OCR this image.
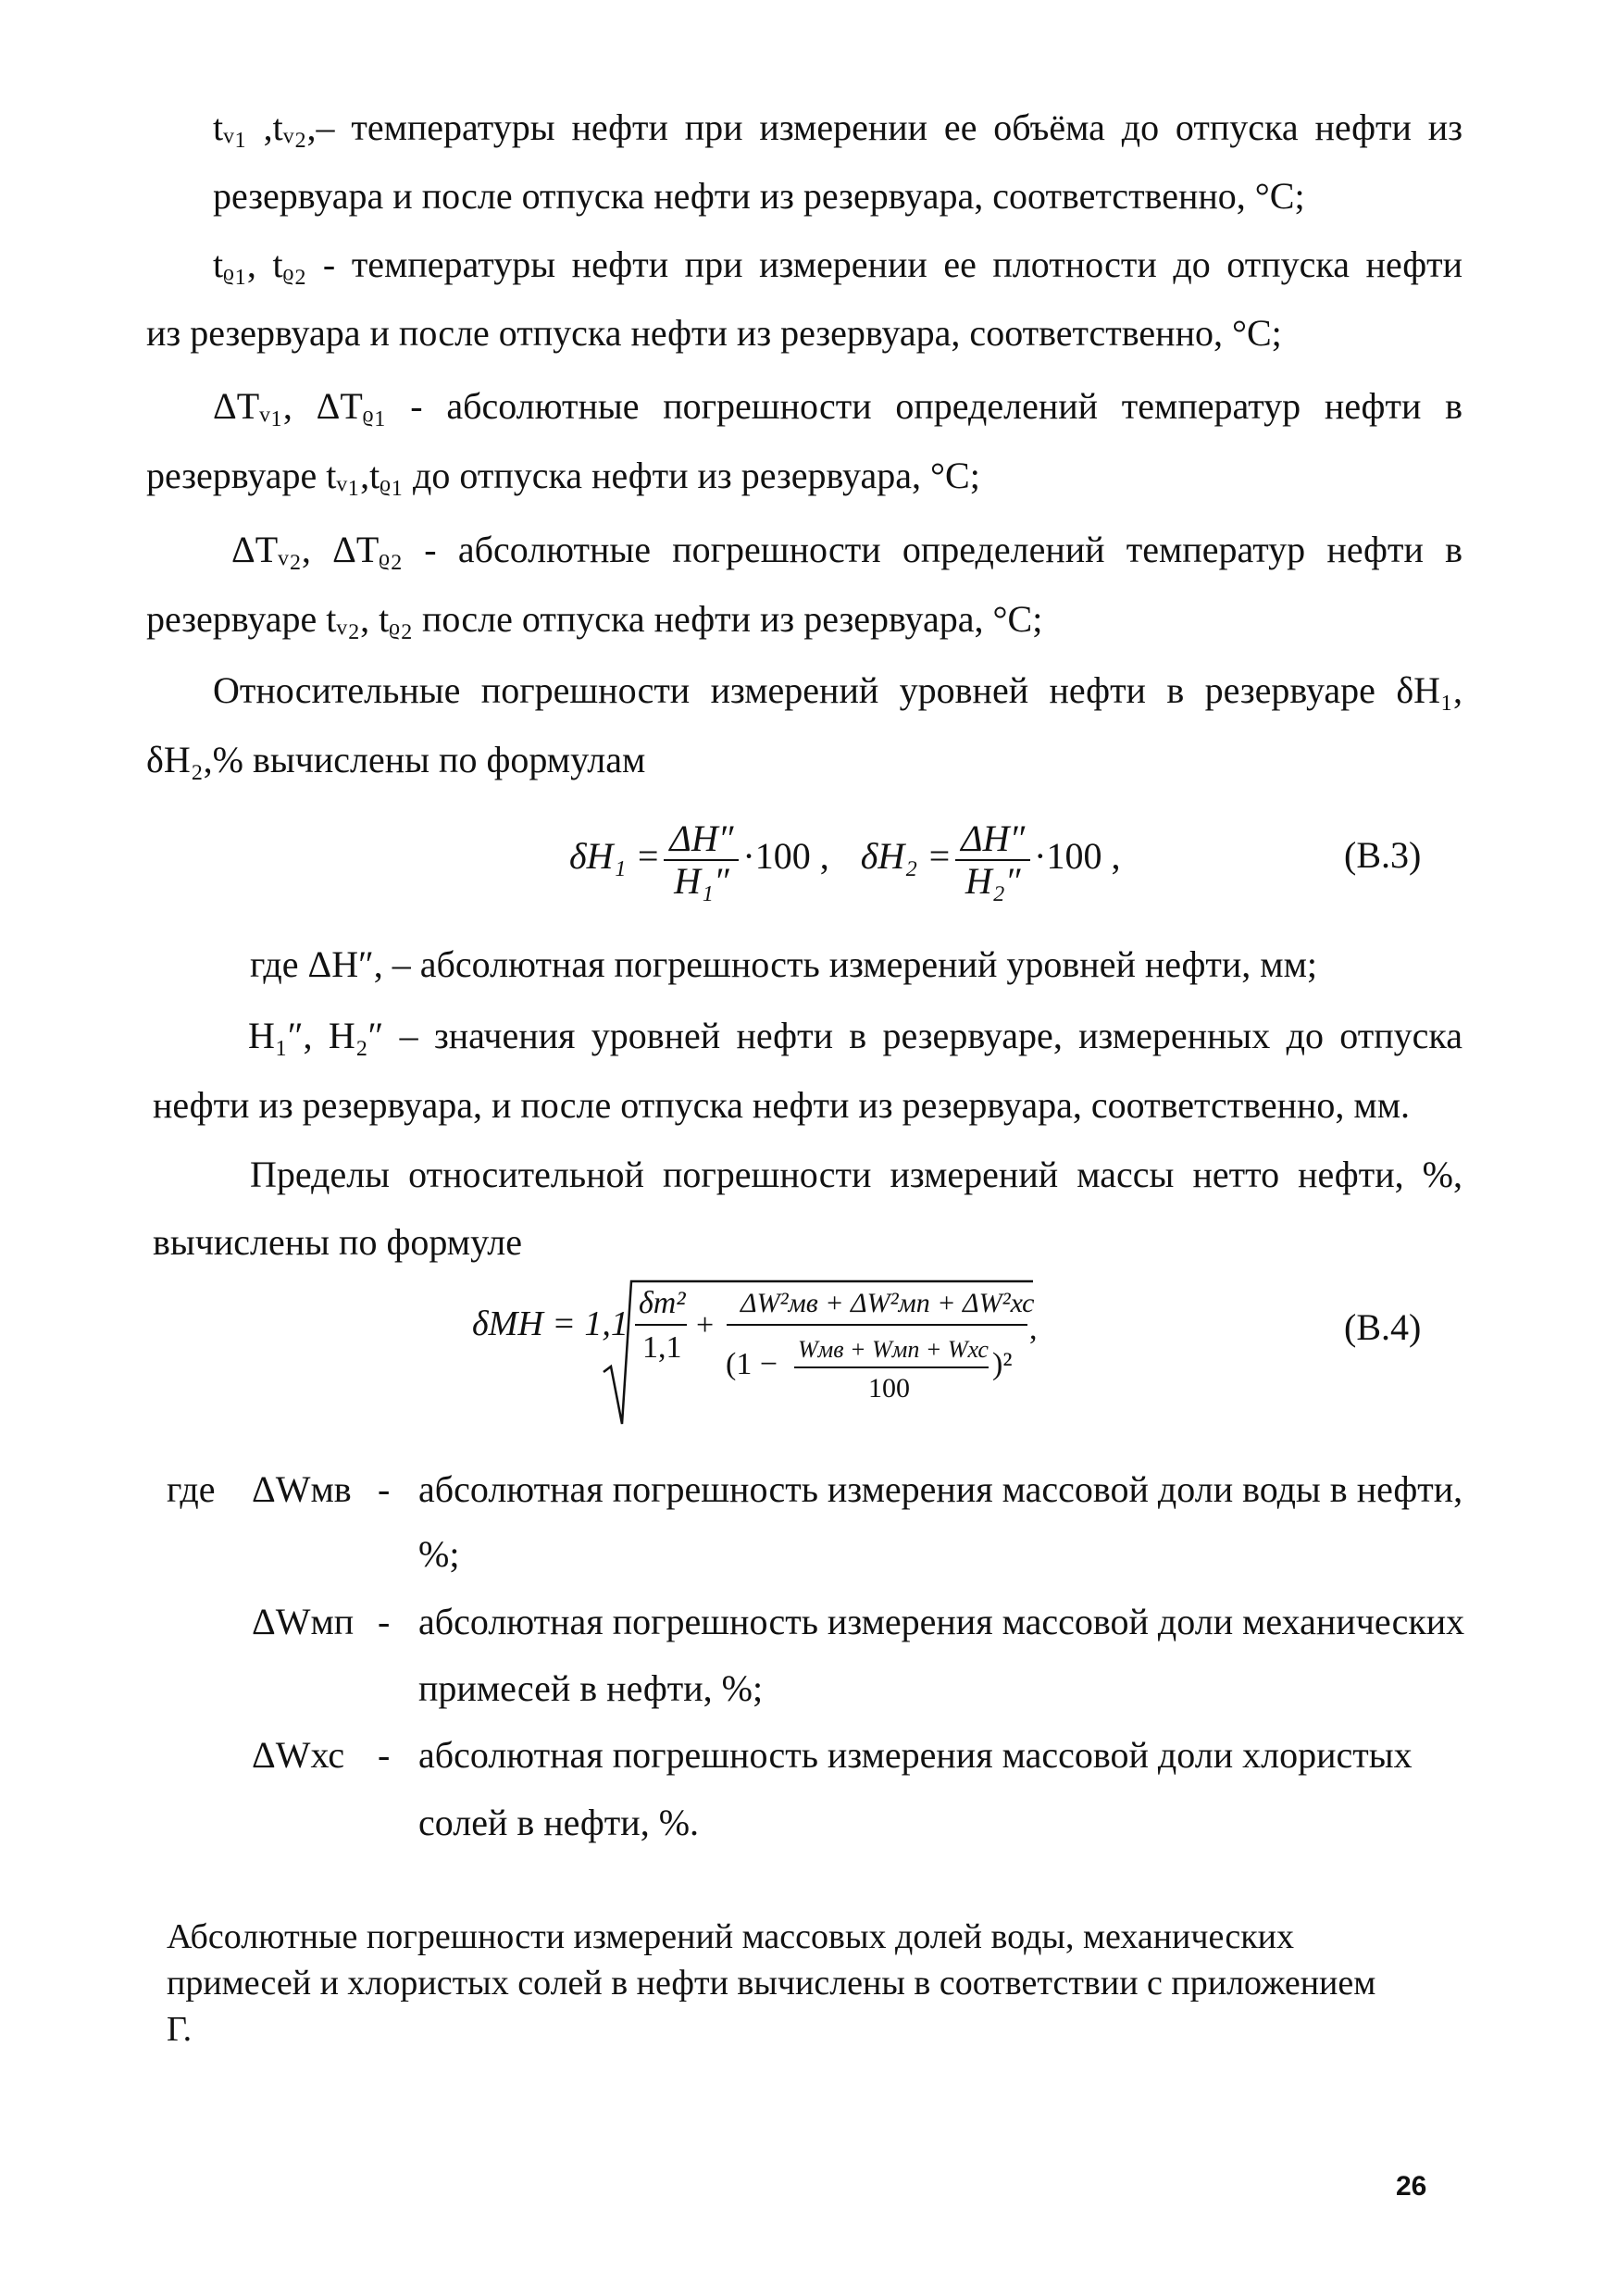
tᵥ₁ ,tᵥ₂,– температуры нефти при измерении ее объёма до отпуска нефти из
резервуара и после отпуска нефти из резервуара, соответственно, °C;
tᵨ₁, tᵨ₂ - температуры нефти при измерении ее плотности до отпуска нефти
из резервуара и после отпуска нефти из резервуара, соответственно, °C;
ΔTᵥ₁, ΔTᵨ₁ - абсолютные погрешности определений температур нефти в
резервуаре tᵥ₁,tᵨ₁ до отпуска нефти из резервуара, °C;
ΔTᵥ₂, ΔTᵨ₂ - абсолютные погрешности определений температур нефти в
резервуаре tᵥ₂, tᵨ₂ после отпуска нефти из резервуара, °C;
Относительные погрешности измерений уровней нефти в резервуаре δH₁,
δH₂,% вычислены по формулам
$\delta H_1 = \frac{\Delta H''}{\text{H₁″}} \cdot 100$ , $\delta H_2 = \frac{\Delta H''}{\text{H₂″}} \cdot 100$ ,	(B.3)
где ΔH″, – абсолютная погрешность измерений уровней нефти, мм;
H₁″, H₂″ – значения уровней нефти в резервуаре, измеренных до отпуска
нефти из резервуара, и после отпуска нефти из резервуара, соответственно, мм.
Пределы относительной погрешности измерений массы нетто нефти, %,
вычислены по формуле
δMН = 1,1
δm²
1,1
+
ΔW²мв + ΔW²мп + ΔW²хс
(1 − Wмв + Wмп + Wхс
100
)²
,	(B.4)
где ΔWмв - абсолютная погрешность измерения массовой доли воды в нефти,
%;
ΔWмп - абсолютная погрешность измерения массовой доли механических
примесей в нефти, %;
ΔWхс - абсолютная погрешность измерения массовой доли хлористых
солей в нефти, %.
Абсолютные погрешности измерений массовых долей воды, механических
примесей и хлористых солей в нефти вычислены в соответствии с приложением
Г.
26
